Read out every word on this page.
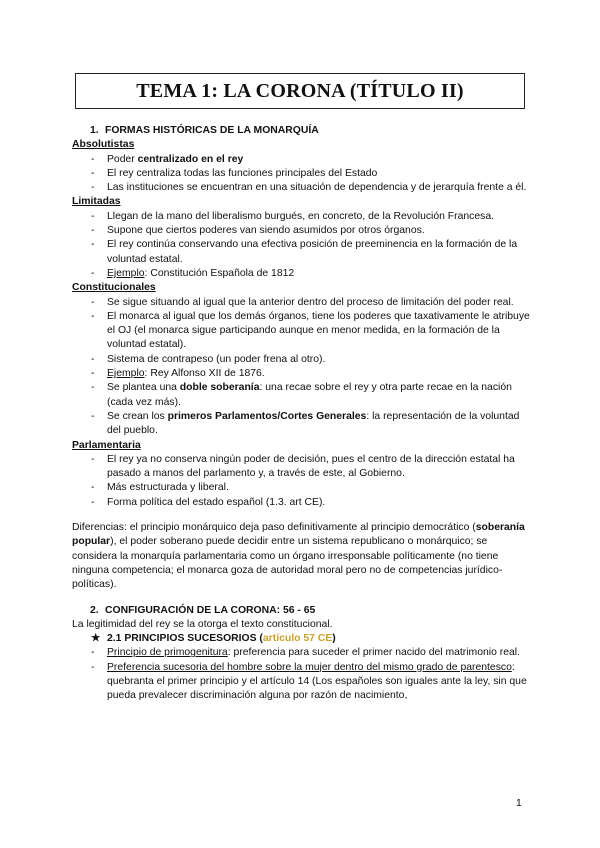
TEMA 1: LA CORONA (TÍTULO II)

1. FORMAS HISTÓRICAS DE LA MONARQUÍA

Absolutistas

- Poder centralizado en el rey
- El rey centraliza todas las funciones principales del Estado
- Las instituciones se encuentran en una situación de dependencia y de jerarquía frente a él.

Limitadas

- Llegan de la mano del liberalismo burgués, en concreto, de la Revolución Francesa.
- Supone que ciertos poderes van siendo asumidos por otros órganos.
- El rey continúa conservando una efectiva posición de preeminencia en la formación de la voluntad estatal.
- Ejemplo: Constitución Española de 1812

Constitucionales

- Se sigue situando al igual que la anterior dentro del proceso de limitación del poder real.
- El monarca al igual que los demás órganos, tiene los poderes que taxativamente le atribuye el OJ (el monarca sigue participando aunque en menor medida, en la formación de la voluntad estatal).
- Sistema de contrapeso (un poder frena al otro).
- Ejemplo: Rey Alfonso XII de 1876.
- Se plantea una doble soberanía: una recae sobre el rey y otra parte recae en la nación (cada vez más).
- Se crean los primeros Parlamentos/Cortes Generales: la representación de la voluntad del pueblo.

Parlamentaria

- El rey ya no conserva ningún poder de decisión, pues el centro de la dirección estatal ha pasado a manos del parlamento y, a través de este, al Gobierno.
- Más estructurada y liberal.
- Forma política del estado español (1.3. art CE).

Diferencias: el principio monárquico deja paso definitivamente al principio democrático (soberanía popular), el poder soberano puede decidir entre un sistema republicano o monárquico; se considera la monarquía parlamentaria como un órgano irresponsable políticamente (no tiene ninguna competencia; el monarca goza de autoridad moral pero no de competencias jurídico-políticas).

2. CONFIGURACIÓN DE LA CORONA: 56 - 65

La legitimidad del rey se la otorga el texto constitucional.

★ 2.1 PRINCIPIOS SUCESORIOS (artículo 57 CE)
- Principio de primogenitura: preferencia para suceder el primer nacido del matrimonio real.
- Preferencia sucesoria del hombre sobre la mujer dentro del mismo grado de parentesco: quebranta el primer principio y el artículo 14 (Los españoles son iguales ante la ley, sin que pueda prevalecer discriminación alguna por razón de nacimiento,
1
